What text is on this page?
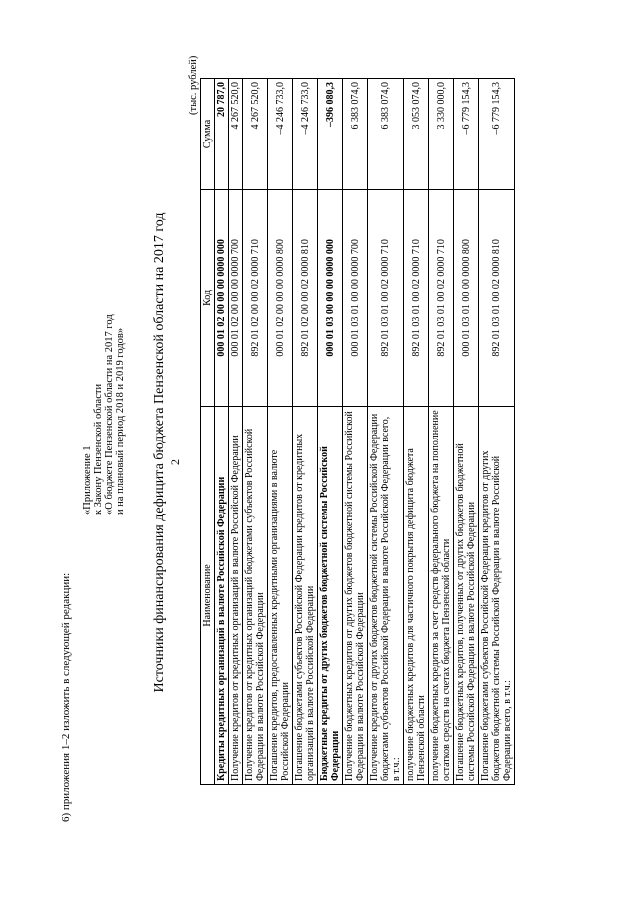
2
6) приложения 1–2 изложить в следующей редакции:
«Приложение 1 к Закону Пензенской области «О бюджете Пензенской области на 2017 год и на плановый период 2018 и 2019 годов» Источники финансирования дефицита бюджета Пензенской области на 2017 год
(тыс. рублей)
Наименование	Код	Сумма
Кредиты кредитных организаций в валюте Российской Федерации	000 01 02 00 00 00 0000 000	20 787,0
Получение кредитов от кредитных организаций в валюте Российской Федерации	000 01 02 00 00 00 0000 700	4 267 520,0
Получение кредитов от кредитных организаций бюджетами субъектов Российской Федерации в валюте Российской Федерации	892 01 02 00 00 02 0000 710	4 267 520,0
Погашение кредитов, предоставленных кредитными организациями в валюте Российской Федерации	000 01 02 00 00 00 0000 800	–4 246 733,0
Погашение бюджетами субъектов Российской Федерации кредитов от кредитных организаций в валюте Российской Федерации	892 01 02 00 00 02 0000 810	–4 246 733,0
Бюджетные кредиты от других бюджетов бюджетной системы Российской Федерации	000 01 03 00 00 00 0000 000	–396 080,3
Получение бюджетных кредитов от других бюджетов бюджетной системы Российской Федерации в валюте Российской Федерации	000 01 03 01 00 00 0000 700	6 383 074,0
Получение кредитов от других бюджетов бюджетной системы Российской Федерации бюджетами субъектов Российской Федерации в валюте Российской Федерации всего, в т.ч.:	892 01 03 01 00 02 0000 710	6 383 074,0
получение бюджетных кредитов для частичного покрытия дефицита бюджета Пензенской области	892 01 03 01 00 02 0000 710	3 053 074,0
получение бюджетных кредитов за счет средств федерального бюджета на пополнение остатков средств на счетах бюджета Пензенской области	892 01 03 01 00 02 0000 710	3 330 000,0
Погашение бюджетных кредитов, полученных от других бюджетов бюджетной системы Российской Федерации в валюте Российской Федерации	000 01 03 01 00 00 0000 800	–6 779 154,3
Погашение бюджетами субъектов Российской Федерации кредитов от других бюджетов бюджетной системы Российской Федерации в валюте Российской Федерации всего, в т.ч.:	892 01 03 01 00 02 0000 810	–6 779 154,3
